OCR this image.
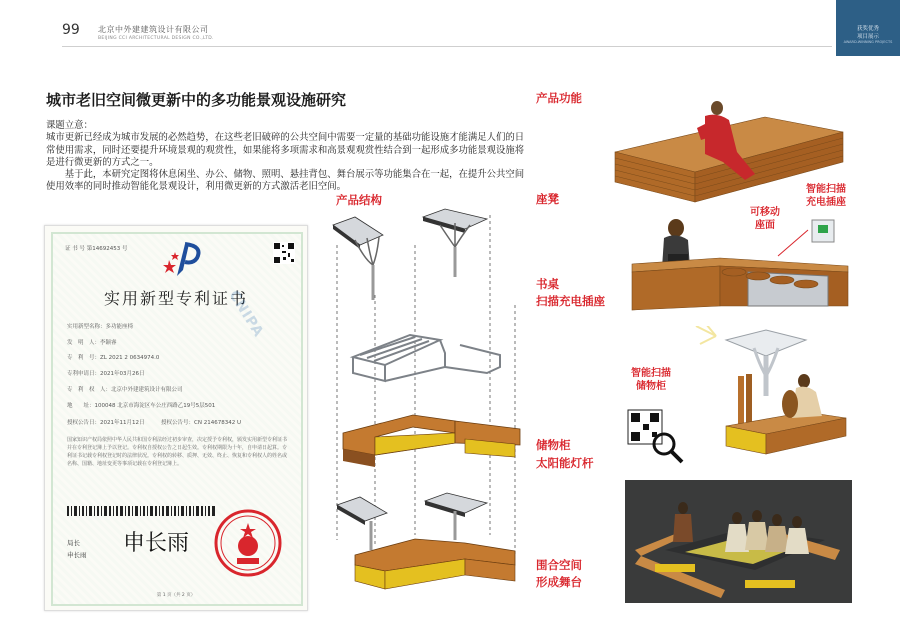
99 北京中外建建筑设计有限公司
BEIJING CCI ARCHITECTURAL DESIGN CO.,LTD.
获奖优秀
项目展示
AWARD-WINNING PROJECTS
城市老旧空间微更新中的多功能景观设施研究

课题立意：

城市更新已经成为城市发展的必然趋势，在这些老旧破碎的公共空间中需要一定量的基础功能设施才能满足人们的日常使用需求，同时还要提升环境景观的观赏性，如果能将多项需求和高景观观赏性结合到一起形成多功能景观设施将是进行微更新的方式之一。

基于此，本研究定图将休息闲坐、办公、储物、照明、悬挂背包、舞台展示等功能集合在一起，在提升公共空间使用效率的同时推动智能化景观设计，利用微更新的方式激活老旧空间。

证 书 号 第14692453 号
实用新型专利证书
CNIPA
实用新型名称：多功能座椅
发　明　人：李颖睿
专　利　号：ZL 2021 2 0634974.0
专利申请日：2021年03月26日
专　利　权　人：北京中外建建筑设计有限公司
地　　址：100048 北京市海淀区车公庄西路乙19号5层501
授权公告日：2021年11月12日　　　授权公告号：CN 214678342 U
国家知识产权局依照中华人民共和国专利法经过初步审查，决定授予专利权，颁发实用新型专利证书并在专利登记簿上予以登记。专利权自授权公告之日起生效。专利权期限为十年，自申请日起算。专利证书记载专利权登记时的法律状况。专利权的转移、质押、无效、终止、恢复和专利权人的姓名或名称、国籍、地址变更等事项记载在专利登记簿上。
局长
申长雨 申长雨
第 1 页（共 2 页）
产品结构
产品功能
座凳
书桌
扫描充电插座
储物柜
太阳能灯杆
围合空间
形成舞台
智能扫描
充电插座
可移动
座面
智能扫描
储物柜
